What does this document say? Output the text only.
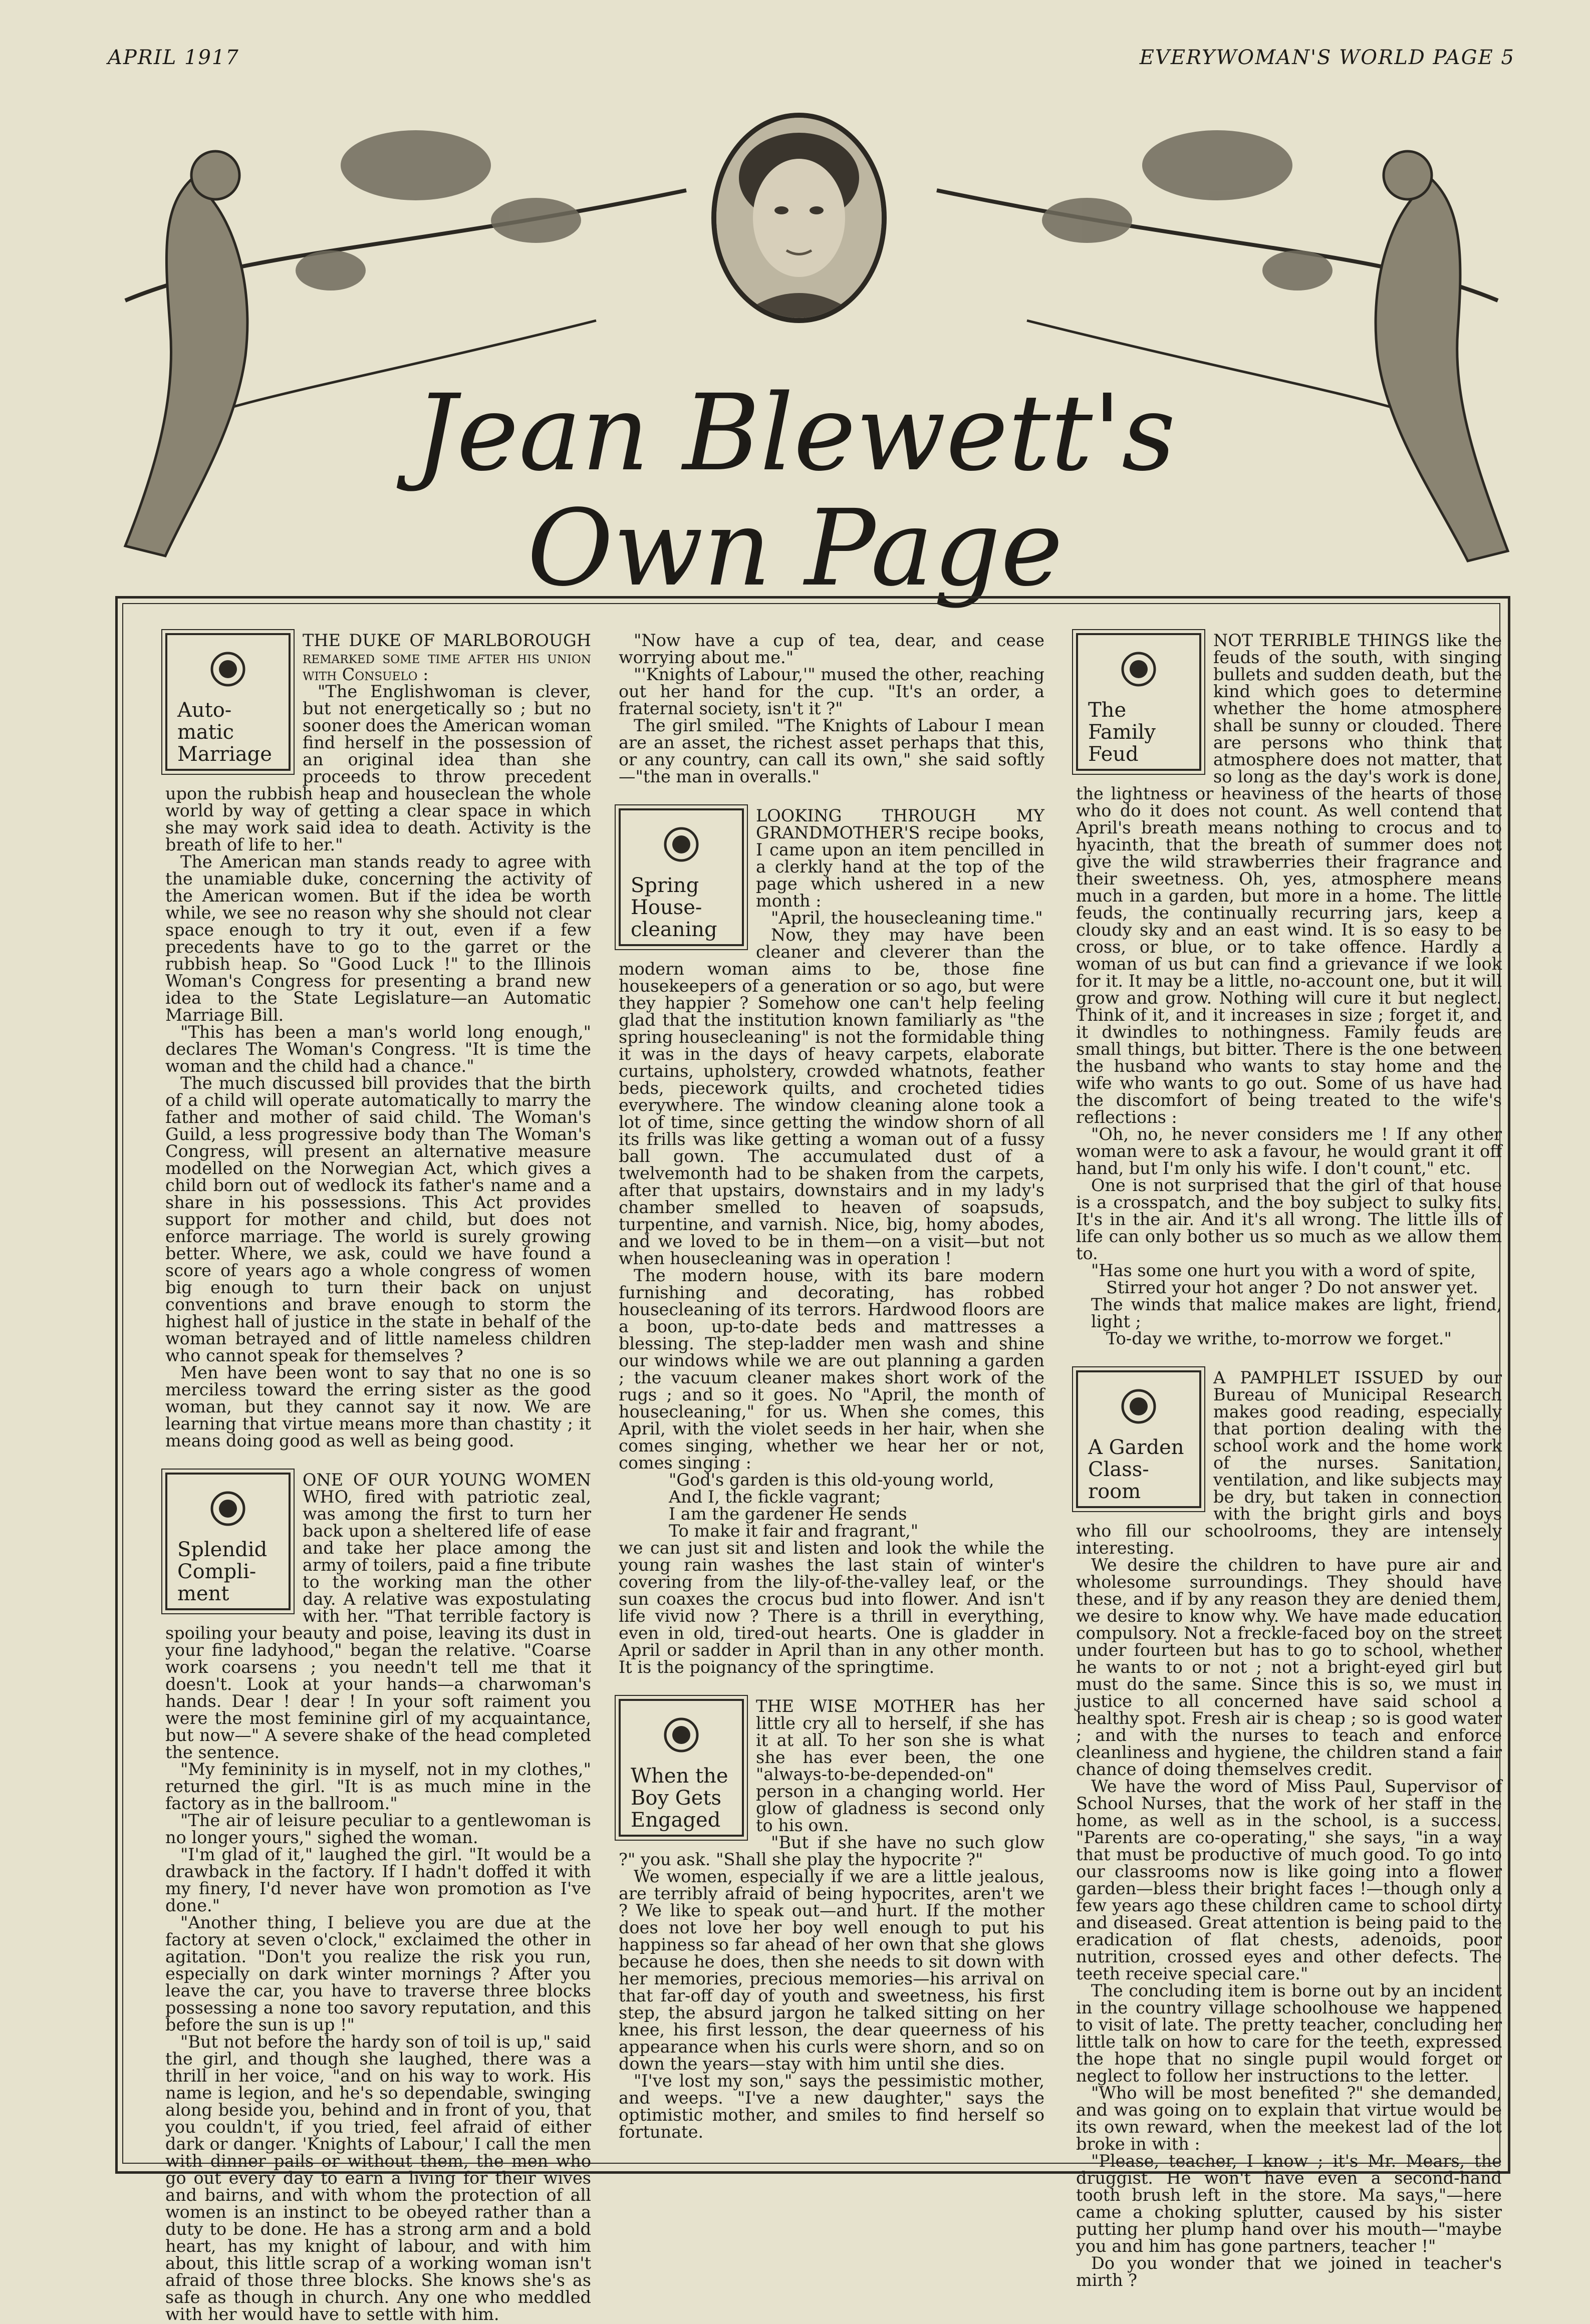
APRIL 1917	EVERYWOMAN'S WORLD PAGE 5
Jean Blewett's
Own Page
Auto-matic Marriage

THE DUKE OF MARLBOROUGH remarked some time after his union with Consuelo :

"The Englishwoman is clever, but not energetically so ; but no sooner does the American woman find herself in the possession of an original idea than she proceeds to throw precedent upon the rubbish heap and houseclean the whole world by way of getting a clear space in which she may work said idea to death. Activity is the breath of life to her."

The American man stands ready to agree with the unamiable duke, concerning the activity of the American women. But if the idea be worth while, we see no reason why she should not clear space enough to try it out, even if a few precedents have to go to the garret or the rubbish heap. So "Good Luck !" to the Illinois Woman's Congress for presenting a brand new idea to the State Legislature—an Automatic Marriage Bill.

"This has been a man's world long enough," declares The Woman's Congress. "It is time the woman and the child had a chance."

The much discussed bill provides that the birth of a child will operate automatically to marry the father and mother of said child. The Woman's Guild, a less progressive body than The Woman's Congress, will present an alternative measure modelled on the Norwegian Act, which gives a child born out of wedlock its father's name and a share in his possessions. This Act provides support for mother and child, but does not enforce marriage. The world is surely growing better. Where, we ask, could we have found a score of years ago a whole congress of women big enough to turn their back on unjust conventions and brave enough to storm the highest hall of justice in the state in behalf of the woman betrayed and of little nameless children who cannot speak for themselves ?

Men have been wont to say that no one is so merciless toward the erring sister as the good woman, but they cannot say it now. We are learning that virtue means more than chastity ; it means doing good as well as being good.

Splendid Compli-ment

ONE OF OUR YOUNG WOMEN WHO, fired with patriotic zeal, was among the first to turn her back upon a sheltered life of ease and take her place among the army of toilers, paid a fine tribute to the working man the other day. A relative was expostulating with her. "That terrible factory is spoiling your beauty and poise, leaving its dust in your fine ladyhood," began the relative. "Coarse work coarsens ; you needn't tell me that it doesn't. Look at your hands—a charwoman's hands. Dear ! dear ! In your soft raiment you were the most feminine girl of my acquaintance, but now—" A severe shake of the head completed the sentence.

"My femininity is in myself, not in my clothes," returned the girl. "It is as much mine in the factory as in the ballroom."

"The air of leisure peculiar to a gentlewoman is no longer yours," sighed the woman.

"I'm glad of it," laughed the girl. "It would be a drawback in the factory. If I hadn't doffed it with my finery, I'd never have won promotion as I've done."

"Another thing, I believe you are due at the factory at seven o'clock," exclaimed the other in agitation. "Don't you realize the risk you run, especially on dark winter mornings ? After you leave the car, you have to traverse three blocks possessing a none too savory reputation, and this before the sun is up !"

"But not before the hardy son of toil is up," said the girl, and though she laughed, there was a thrill in her voice, "and on his way to work. His name is legion, and he's so dependable, swinging along beside you, behind and in front of you, that you couldn't, if you tried, feel afraid of either dark or danger. 'Knights of Labour,' I call the men with dinner pails or without them, the men who go out every day to earn a living for their wives and bairns, and with whom the protection of all women is an instinct to be obeyed rather than a duty to be done. He has a strong arm and a bold heart, has my knight of labour, and with him about, this little scrap of a working woman isn't afraid of those three blocks. She knows she's as safe as though in church. Any one who meddled with her would have to settle with him.

"Now have a cup of tea, dear, and cease worrying about me."

"'Knights of Labour,'" mused the other, reaching out her hand for the cup. "It's an order, a fraternal society, isn't it ?"

The girl smiled. "The Knights of Labour I mean are an asset, the richest asset perhaps that this, or any country, can call its own," she said softly—"the man in overalls."

Spring House-cleaning

LOOKING THROUGH MY GRANDMOTHER'S recipe books, I came upon an item pencilled in a clerkly hand at the top of the page which ushered in a new month :

"April, the housecleaning time."

Now, they may have been cleaner and cleverer than the modern woman aims to be, those fine housekeepers of a generation or so ago, but were they happier ? Somehow one can't help feeling glad that the institution known familiarly as "the spring housecleaning" is not the formidable thing it was in the days of heavy carpets, elaborate curtains, upholstery, crowded whatnots, feather beds, piecework quilts, and crocheted tidies everywhere. The window cleaning alone took a lot of time, since getting the window shorn of all its frills was like getting a woman out of a fussy ball gown. The accumulated dust of a twelvemonth had to be shaken from the carpets, after that upstairs, downstairs and in my lady's chamber smelled to heaven of soapsuds, turpentine, and varnish. Nice, big, homy abodes, and we loved to be in them—on a visit—but not when housecleaning was in operation !

The modern house, with its bare modern furnishing and decorating, has robbed housecleaning of its terrors. Hardwood floors are a boon, up-to-date beds and mattresses a blessing. The step-ladder men wash and shine our windows while we are out planning a garden ; the vacuum cleaner makes short work of the rugs ; and so it goes. No "April, the month of housecleaning," for us. When she comes, this April, with the violet seeds in her hair, when she comes singing, whether we hear her or not, comes singing :

"God's garden is this old-young world,

And I, the fickle vagrant;

I am the gardener He sends

To make it fair and fragrant,"

we can just sit and listen and look the while the young rain washes the last stain of winter's covering from the lily-of-the-valley leaf, or the sun coaxes the crocus bud into flower. And isn't life vivid now ? There is a thrill in everything, even in old, tired-out hearts. One is gladder in April or sadder in April than in any other month. It is the poignancy of the springtime.

When the Boy Gets Engaged

THE WISE MOTHER has her little cry all to herself, if she has it at all. To her son she is what she has ever been, the one "always-to-be-depended-on" person in a changing world. Her glow of gladness is second only to his own.

"But if she have no such glow ?" you ask. "Shall she play the hypocrite ?"

We women, especially if we are a little jealous, are terribly afraid of being hypocrites, aren't we ? We like to speak out—and hurt. If the mother does not love her boy well enough to put his happiness so far ahead of her own that she glows because he does, then she needs to sit down with her memories, precious memories—his arrival on that far-off day of youth and sweetness, his first step, the absurd jargon he talked sitting on her knee, his first lesson, the dear queerness of his appearance when his curls were shorn, and so on down the years—stay with him until she dies.

"I've lost my son," says the pessimistic mother, and weeps. "I've a new daughter," says the optimistic mother, and smiles to find herself so fortunate.

The Family Feud

NOT TERRIBLE THINGS like the feuds of the south, with singing bullets and sudden death, but the kind which goes to determine whether the home atmosphere shall be sunny or clouded. There are persons who think that atmosphere does not matter, that so long as the day's work is done, the lightness or heaviness of the hearts of those who do it does not count. As well contend that April's breath means nothing to crocus and to hyacinth, that the breath of summer does not give the wild strawberries their fragrance and their sweetness. Oh, yes, atmosphere means much in a garden, but more in a home. The little feuds, the continually recurring jars, keep a cloudy sky and an east wind. It is so easy to be cross, or blue, or to take offence. Hardly a woman of us but can find a grievance if we look for it. It may be a little, no-account one, but it will grow and grow. Nothing will cure it but neglect. Think of it, and it increases in size ; forget it, and it dwindles to nothingness. Family feuds are small things, but bitter. There is the one between the husband who wants to stay home and the wife who wants to go out. Some of us have had the discomfort of being treated to the wife's reflections :

"Oh, no, he never considers me ! If any other woman were to ask a favour, he would grant it off hand, but I'm only his wife. I don't count," etc.

One is not surprised that the girl of that house is a crosspatch, and the boy subject to sulky fits. It's in the air. And it's all wrong. The little ills of life can only bother us so much as we allow them to.

"Has some one hurt you with a word of spite,

Stirred your hot anger ? Do not answer yet.

The winds that malice makes are light, friend, light ;

To-day we writhe, to-morrow we forget."

A Garden Class-room

A PAMPHLET ISSUED by our Bureau of Municipal Research makes good reading, especially that portion dealing with the school work and the home work of the nurses. Sanitation, ventilation, and like subjects may be dry, but taken in connection with the bright girls and boys who fill our schoolrooms, they are intensely interesting.

We desire the children to have pure air and wholesome surroundings. They should have these, and if by any reason they are denied them, we desire to know why. We have made education compulsory. Not a freckle-faced boy on the street under fourteen but has to go to school, whether he wants to or not ; not a bright-eyed girl but must do the same. Since this is so, we must in justice to all concerned have said school a healthy spot. Fresh air is cheap ; so is good water ; and with the nurses to teach and enforce cleanliness and hygiene, the children stand a fair chance of doing themselves credit.

We have the word of Miss Paul, Supervisor of School Nurses, that the work of her staff in the home, as well as in the school, is a success. "Parents are co-operating," she says, "in a way that must be productive of much good. To go into our classrooms now is like going into a flower garden—bless their bright faces !—though only a few years ago these children came to school dirty and diseased. Great attention is being paid to the eradication of flat chests, adenoids, poor nutrition, crossed eyes and other defects. The teeth receive special care."

The concluding item is borne out by an incident in the country village schoolhouse we happened to visit of late. The pretty teacher, concluding her little talk on how to care for the teeth, expressed the hope that no single pupil would forget or neglect to follow her instructions to the letter.

"Who will be most benefited ?" she demanded, and was going on to explain that virtue would be its own reward, when the meekest lad of the lot broke in with :

"Please, teacher, I know ; it's Mr. Mears, the druggist. He won't have even a second-hand tooth brush left in the store. Ma says,"—here came a choking splutter, caused by his sister putting her plump hand over his mouth—"maybe you and him has gone partners, teacher !"

Do you wonder that we joined in teacher's mirth ?
